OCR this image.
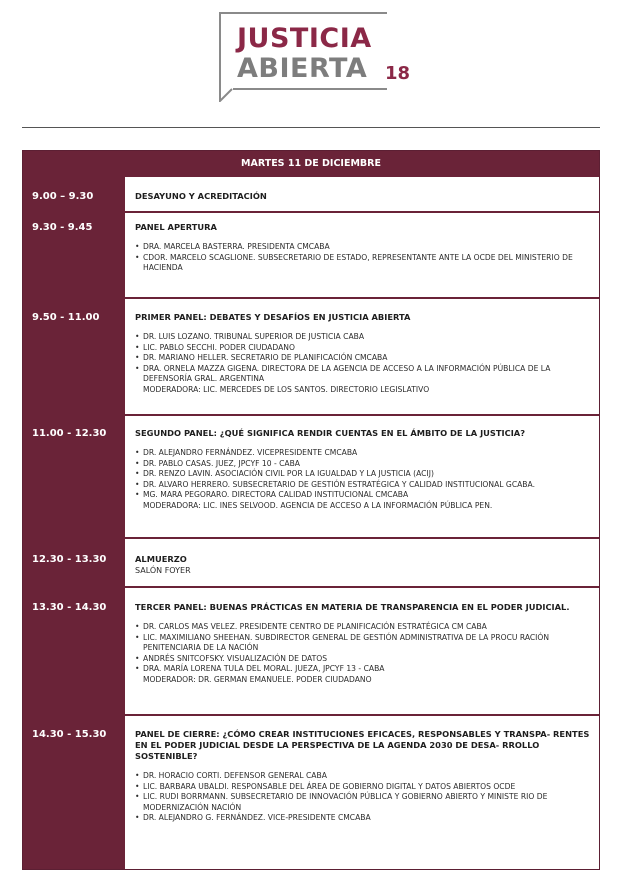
JUSTICIA
ABIERTA 18
MARTES 11 DE DICIEMBRE
9.00 – 9.30	DESAYUNO Y ACREDITACIÓN
9.30 - 9.45	PANEL APERTURA
• DRA. MARCELA BASTERRA. PRESIDENTA CMCABA
• CDOR. MARCELO SCAGLIONE. SUBSECRETARIO DE ESTADO, REPRESENTANTE ANTE LA OCDE DEL MINISTERIO DE HACIENDA
9.50 - 11.00	PRIMER PANEL: DEBATES Y DESAFÍOS EN JUSTICIA ABIERTA
• DR. LUIS LOZANO. TRIBUNAL SUPERIOR DE JUSTICIA CABA
• LIC. PABLO SECCHI. PODER CIUDADANO
• DR. MARIANO HELLER. SECRETARIO DE PLANIFICACIÓN CMCABA
• DRA. ORNELA MAZZA GIGENA. DIRECTORA DE LA AGENCIA DE ACCESO A LA INFORMACIÓN PÚBLICA DE LA DEFENSORÍA GRAL. ARGENTINA
MODERADORA: LIC. MERCEDES DE LOS SANTOS. DIRECTORIO LEGISLATIVO
11.00 - 12.30	SEGUNDO PANEL: ¿QUÉ SIGNIFICA RENDIR CUENTAS EN EL ÁMBITO DE LA JUSTICIA?
• DR. ALEJANDRO FERNÁNDEZ. VICEPRESIDENTE CMCABA
• DR. PABLO CASAS. JUEZ, JPCYF 10 - CABA
• DR. RENZO LAVIN. ASOCIACIÓN CIVIL POR LA IGUALDAD Y LA JUSTICIA (ACIJ)
• DR. ALVARO HERRERO. SUBSECRETARIO DE GESTIÓN ESTRATÉGICA Y CALIDAD INSTITUCIONAL GCABA.
• MG. MARA PEGORARO. DIRECTORA CALIDAD INSTITUCIONAL CMCABA
MODERADORA: LIC. INES SELVOOD. AGENCIA DE ACCESO A LA INFORMACIÓN PÚBLICA PEN.
12.30 - 13.30	ALMUERZO
SALÓN FOYER
13.30 - 14.30	TERCER PANEL: BUENAS PRÁCTICAS EN MATERIA DE TRANSPARENCIA EN EL PODER JUDICIAL.
• DR. CARLOS MAS VELEZ. PRESIDENTE CENTRO DE PLANIFICACIÓN ESTRATÉGICA CM CABA
• LIC. MAXIMILIANO SHEEHAN. SUBDIRECTOR GENERAL DE GESTIÓN ADMINISTRATIVA DE LA PROCU RACIÓN PENITENCIARIA DE LA NACIÓN
• ANDRÉS SNITCOFSKY. VISUALIZACIÓN DE DATOS
• DRA. MARÍA LORENA TULA DEL MORAL. JUEZA, JPCYF 13 - CABA
MODERADOR: DR. GERMAN EMANUELE. PODER CIUDADANO
14.30 - 15.30	PANEL DE CIERRE: ¿CÓMO CREAR INSTITUCIONES EFICACES, RESPONSABLES Y TRANSPA- RENTES EN EL PODER JUDICIAL DESDE LA PERSPECTIVA DE LA AGENDA 2030 DE DESA- RROLLO SOSTENIBLE?
• DR. HORACIO CORTI. DEFENSOR GENERAL CABA
• LIC. BARBARA UBALDI. RESPONSABLE DEL ÁREA DE GOBIERNO DIGITAL Y DATOS ABIERTOS OCDE
• LIC. RUDI BORRMANN. SUBSECRETARIO DE INNOVACIÓN PÚBLICA Y GOBIERNO ABIERTO Y MINISTE RIO DE MODERNIZACIÓN NACIÓN
• DR. ALEJANDRO G. FERNÁNDEZ. VICE-PRESIDENTE CMCABA
